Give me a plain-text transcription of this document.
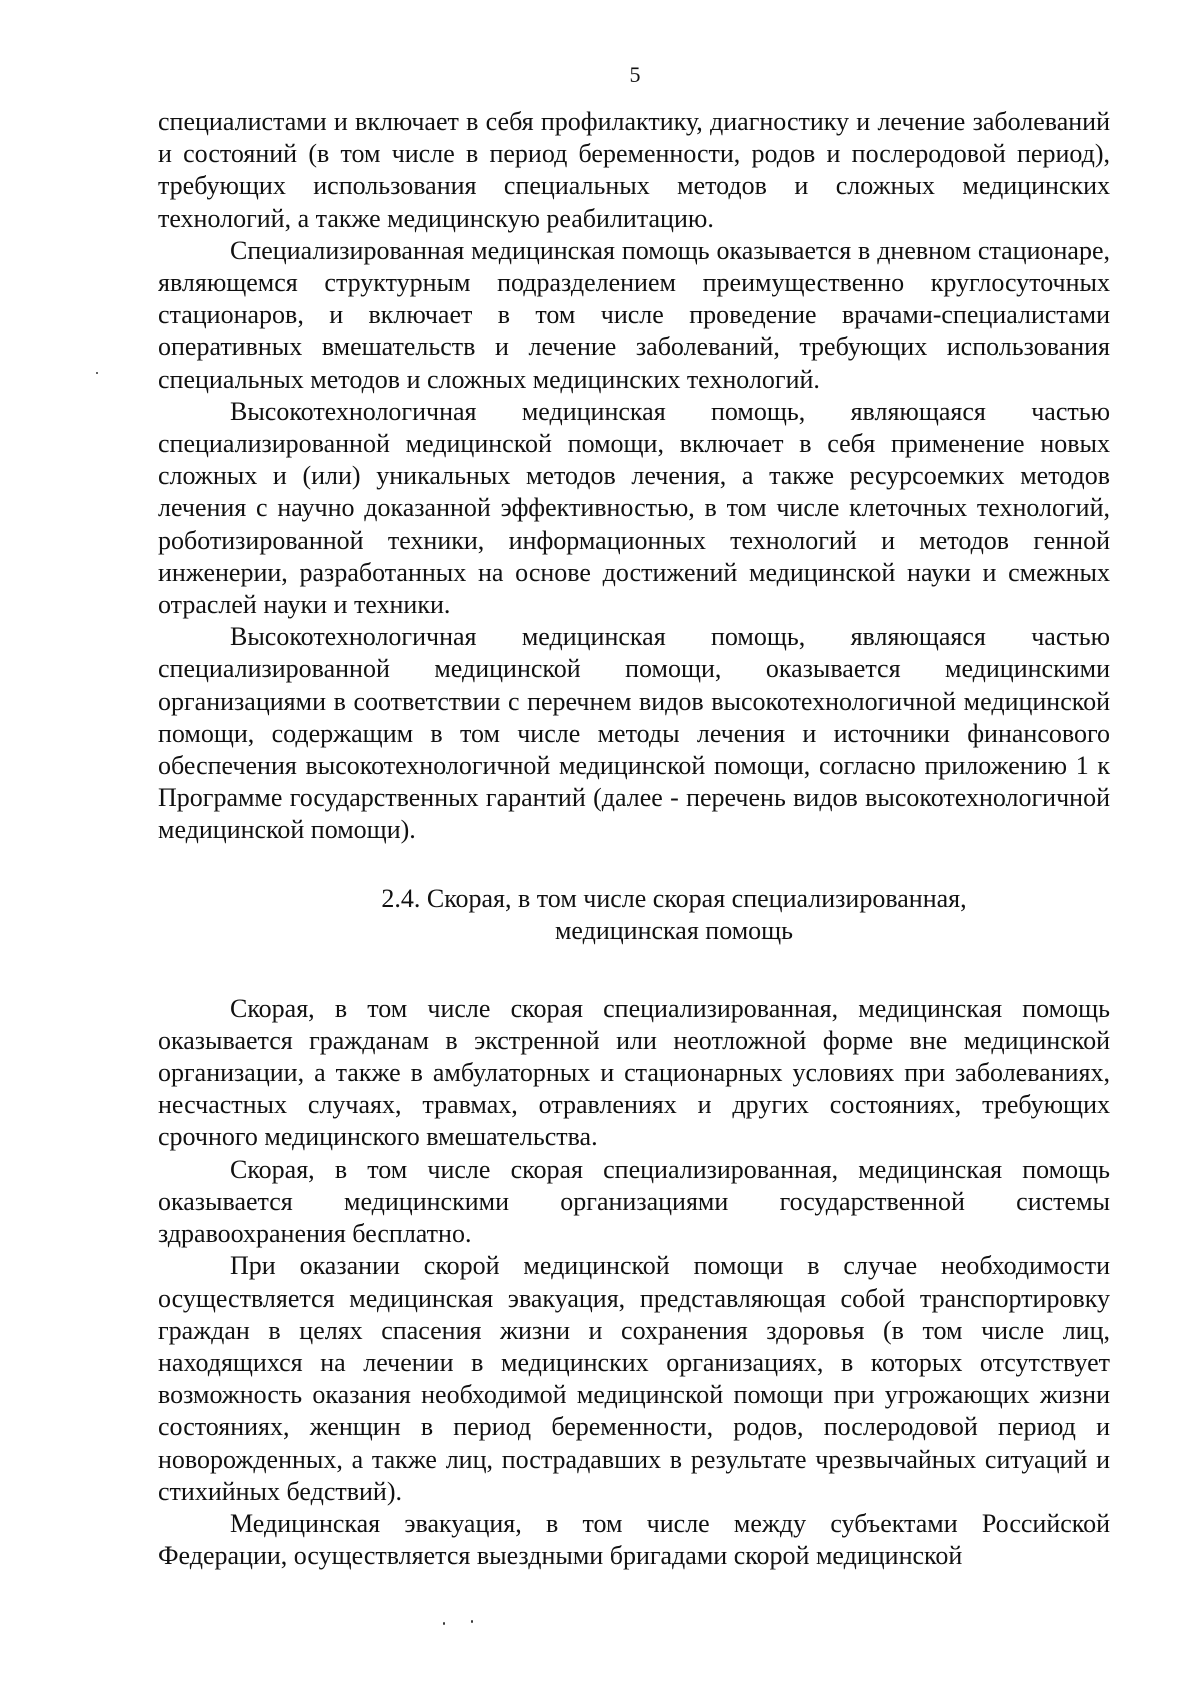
5

специалистами и включает в себя профилактику, диагностику и лечение заболеваний и состояний (в том числе в период беременности, родов и послеродовой период), требующих использования специальных методов и сложных медицинских технологий, а также медицинскую реабилитацию.

Специализированная медицинская помощь оказывается в дневном стационаре, являющемся структурным подразделением преимущественно круглосуточных стационаров, и включает в том числе проведение врачами-специалистами оперативных вмешательств и лечение заболеваний, требующих использования специальных методов и сложных медицинских технологий.

Высокотехнологичная медицинская помощь, являющаяся частью специализированной медицинской помощи, включает в себя применение новых сложных и (или) уникальных методов лечения, а также ресурсоемких методов лечения с научно доказанной эффективностью, в том числе клеточных технологий, роботизированной техники, информационных технологий и методов генной инженерии, разработанных на основе достижений медицинской науки и смежных отраслей науки и техники.

Высокотехнологичная медицинская помощь, являющаяся частью специализированной медицинской помощи, оказывается медицинскими организациями в соответствии с перечнем видов высокотехнологичной медицинской помощи, содержащим в том числе методы лечения и источники финансового обеспечения высокотехнологичной медицинской помощи, согласно приложению 1 к Программе государственных гарантий (далее - перечень видов высокотехнологичной медицинской помощи).

2.4. Скорая, в том числе скорая специализированная,
медицинская помощь

Скорая, в том числе скорая специализированная, медицинская помощь оказывается гражданам в экстренной или неотложной форме вне медицинской организации, а также в амбулаторных и стационарных условиях при заболеваниях, несчастных случаях, травмах, отравлениях и других состояниях, требующих срочного медицинского вмешательства.

Скорая, в том числе скорая специализированная, медицинская помощь оказывается медицинскими организациями государственной системы здравоохранения бесплатно.

При оказании скорой медицинской помощи в случае необходимости осуществляется медицинская эвакуация, представляющая собой транспортировку граждан в целях спасения жизни и сохранения здоровья (в том числе лиц, находящихся на лечении в медицинских организациях, в которых отсутствует возможность оказания необходимой медицинской помощи при угрожающих жизни состояниях, женщин в период беременности, родов, послеродовой период и новорожденных, а также лиц, пострадавших в результате чрезвычайных ситуаций и стихийных бедствий).

Медицинская эвакуация, в том числе между субъектами Российской Федерации, осуществляется выездными бригадами скорой медицинской
